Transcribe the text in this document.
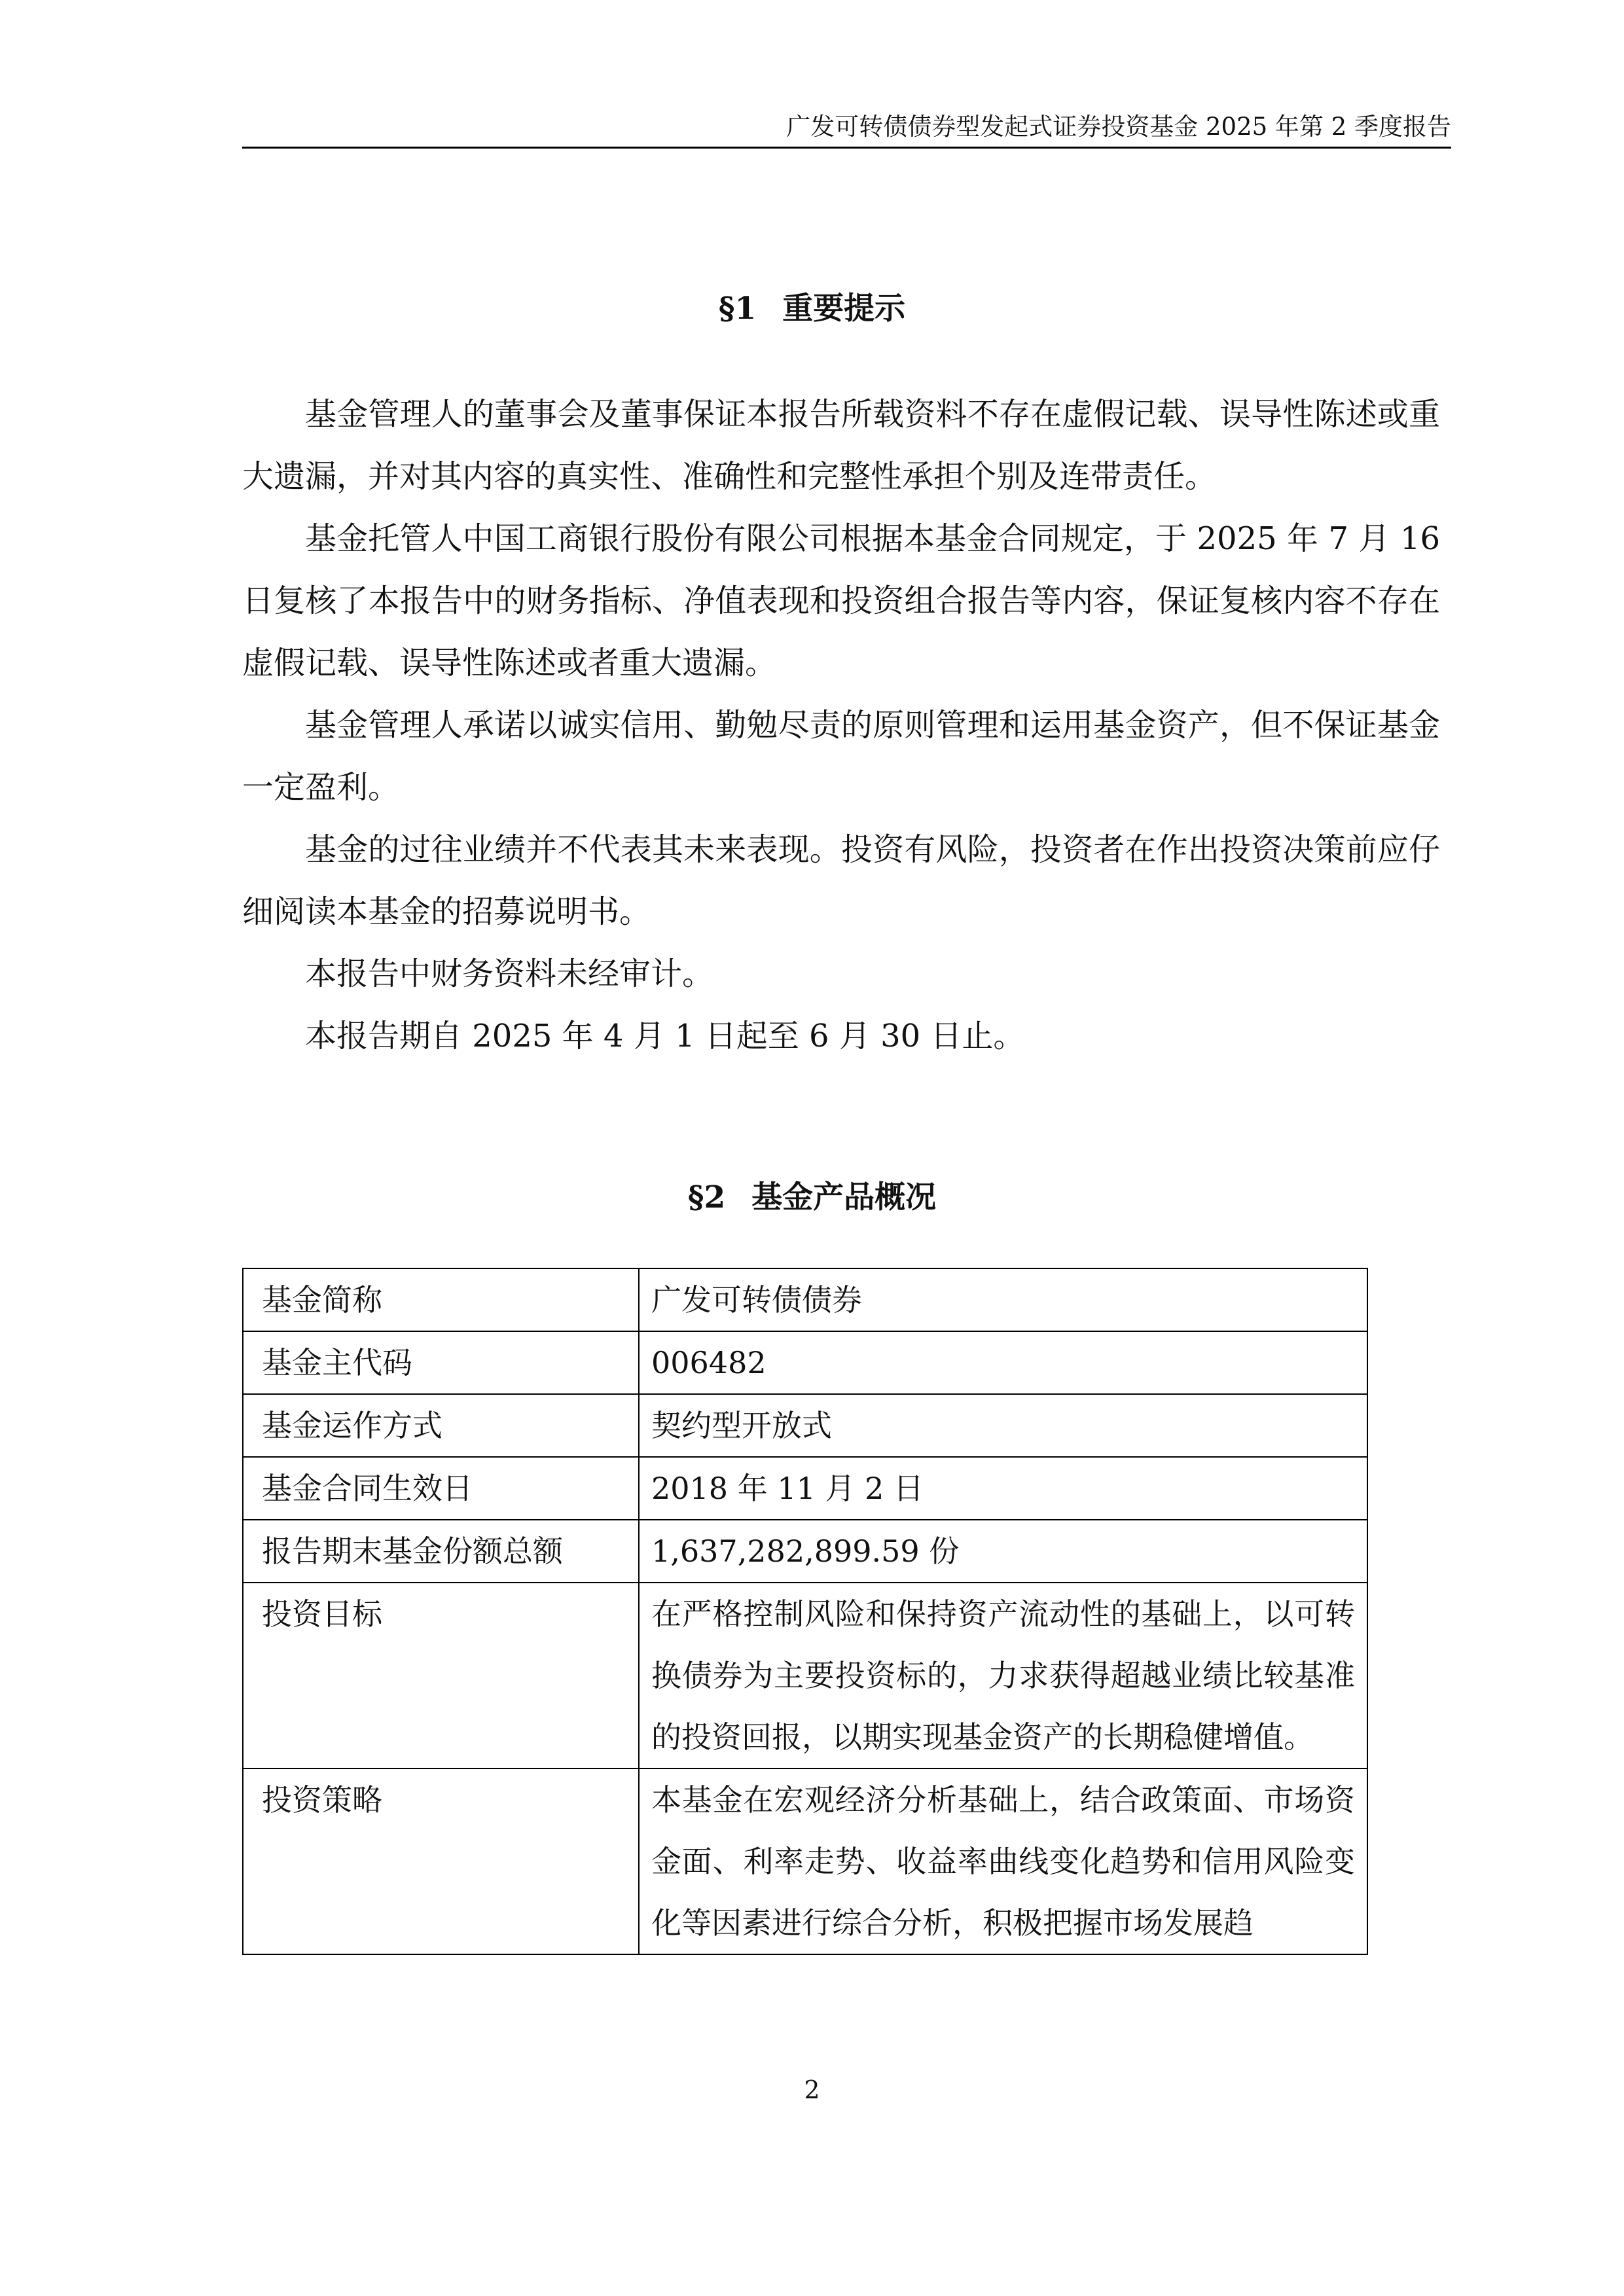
广发可转债债券型发起式证券投资基金 2025 年第 2 季度报告
§1 重要提示

基金管理人的董事会及董事保证本报告所载资料不存在虚假记载、误导性陈述或重大遗漏，并对其内容的真实性、准确性和完整性承担个别及连带责任。

基金托管人中国工商银行股份有限公司根据本基金合同规定，于 2025 年 7 月 16 日复核了本报告中的财务指标、净值表现和投资组合报告等内容，保证复核内容不存在虚假记载、误导性陈述或者重大遗漏。

基金管理人承诺以诚实信用、勤勉尽责的原则管理和运用基金资产，但不保证基金一定盈利。

基金的过往业绩并不代表其未来表现。投资有风险，投资者在作出投资决策前应仔细阅读本基金的招募说明书。

本报告中财务资料未经审计。

本报告期自 2025 年 4 月 1 日起至 6 月 30 日止。

§2 基金产品概况
基金简称	广发可转债债券
基金主代码	006482
基金运作方式	契约型开放式
基金合同生效日	2018 年 11 月 2 日
报告期末基金份额总额	1,637,282,899.59 份
投资目标	在严格控制风险和保持资产流动性的基础上，以可转换债券为主要投资标的，力求获得超越业绩比较基准的投资回报，以期实现基金资产的长期稳健增值。
投资策略	本基金在宏观经济分析基础上，结合政策面、市场资金面、利率走势、收益率曲线变化趋势和信用风险变化等因素进行综合分析，积极把握市场发展趋
2
